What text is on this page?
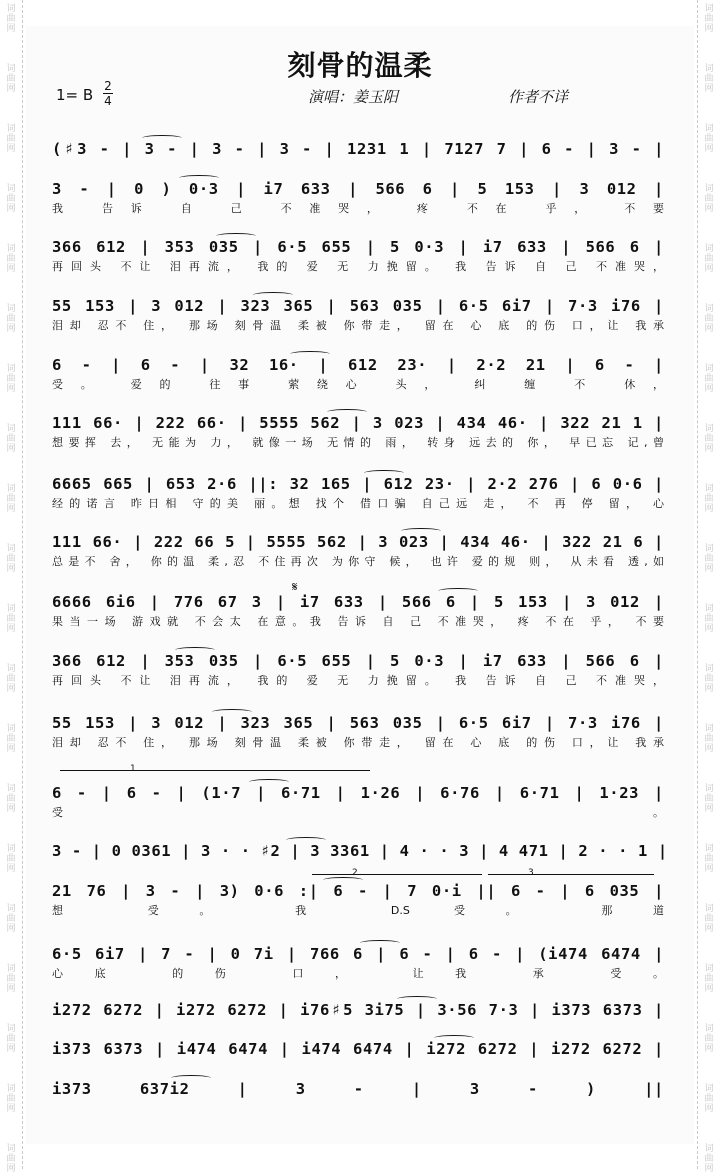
词
曲
网
词
曲
网
词
曲
网
词
曲
网
词
曲
网
词
曲
网
词
曲
网
词
曲
网
词
曲
网
词
曲
网
词
曲
网
词
曲
网
词
曲
网
词
曲
网
词
曲
网
词
曲
网
词
曲
网
词
曲
网
词
曲
网
词
曲
网
词
曲
网
词
曲
网
词
曲
网
词
曲
网
词
曲
网
词
曲
网
词
曲
网
词
曲
网
词
曲
网
词
曲
网
词
曲
网
词
曲
网
词
曲
网
词
曲
网
词
曲
网
词
曲
网
词
曲
网
词
曲
网
词
曲
网
词
曲
网
刻骨的温柔
1= B 2
4	演唱：姜玉阳	作者不详
(♯3 - | 3 - | 3 - | 3 - | 1231 1 | 7127 7 | 6 - | 3 - |
3 - | 0 ) 0·3 | i7 633 | 566 6 | 5 153 | 3 012 |
我 告诉 自 己 不准哭， 疼 不在 乎， 不要
366 612 | 353 035 | 6·5 655 | 5 0·3 | i7 633 | 566 6 |
再回头 不让 泪再流， 我的 爱 无 力挽留。 我 告诉 自 己 不准哭，
55 153 | 3 012 | 323 365 | 563 035 | 6·5 6i7 | 7·3 i76 |
泪却 忍不 住， 那场 刻骨温 柔被 你带走， 留在 心 底 的伤 口，让 我承
6 - | 6 - | 32 16· | 612 23· | 2·2 21 | 6 - |
受。 爱的 往事 萦绕心 头， 纠 缠 不 休，
111 66· | 222 66· | 5555 562 | 3 023 | 434 46· | 322 21 1 |
想要挥 去， 无能为 力， 就像一场 无情的 雨， 转身 远去的 你， 早已忘 记,曾
6665 665 | 653 2·6 ||: 32 165 | 612 23· | 2·2 276 | 6 0·6 |
经的诺言 昨日相 守的美 丽。想 找个 借口骗 自己远 走， 不 再 停 留， 心
111 66· | 222 66 5 | 5555 562 | 3 023 | 434 46· | 322 21 6 |
总是不 舍， 你的温 柔,忍 不住再次 为你守 候， 也许 爱的规 则， 从未看 透,如
6666 6i6 | 776 67 3 | i7 633 | 566 6 | 5 153 | 3 012 |
果当一场 游戏就 不会太 在意。我 告诉 自 己 不准哭， 疼 不在 乎， 不要
366 612 | 353 035 | 6·5 655 | 5 0·3 | i7 633 | 566 6 |
再回头 不让 泪再流， 我的 爱 无 力挽留。 我 告诉 自 己 不准哭，
55 153 | 3 012 | 323 365 | 563 035 | 6·5 6i7 | 7·3 i76 |
泪却 忍不 住， 那场 刻骨温 柔被 你带走， 留在 心 底 的伤 口，让 我承
6 - | 6 - | (1·7 | 6·71 | 1·26 | 6·76 | 6·71 | 1·23 |
受。
3 - | 0 0361 | 3 · · ♯2 | 3 3361 | 4 · · 3 | 4 471 | 2 · · 1 |
21 76 | 3 - | 3) 0·6 :| 6 - | 7 0·i || 6 - | 6 035 |
想 受。 我 D.S 受。 那道
6·5 6i7 | 7 - | 0 7i | 766 6 | 6 - | 6 - | (i474 6474 |
心底 的伤 口， 让我 承 受。
i272 6272 | i272 6272 | i76♯5 3i75 | 3·56 7·3 | i373 6373 |
i373 6373 | i474 6474 | i474 6474 | i272 6272 | i272 6272 |
i373 637i2 | 3 - | 3 - ) ||
𝄋
1
2	3
